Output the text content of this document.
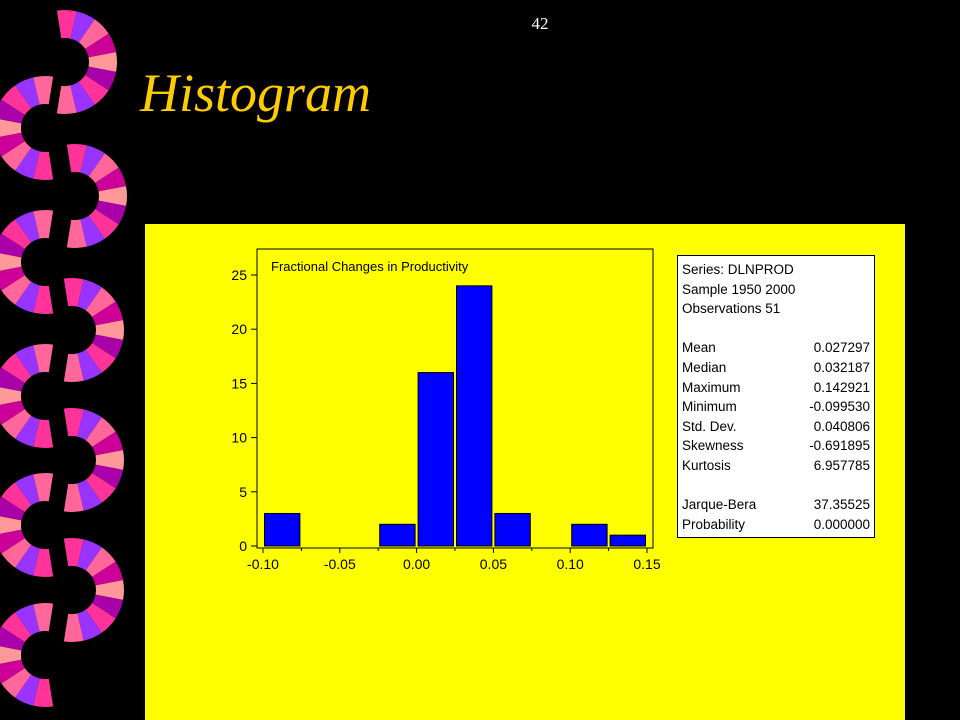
42
Histogram
Fractional Changes in Productivity
0
5
10
15
20
25
-0.10	-0.05	0.00	0.05	0.10	0.15
Series: DLNPROD
Sample 1950 2000
Observations 51
Mean	0.027297
Median	0.032187
Maximum	0.142921
Minimum	-0.099530
Std. Dev.	0.040806
Skewness	-0.691895
Kurtosis	6.957785
Jarque-Bera	37.35525
Probability	0.000000
